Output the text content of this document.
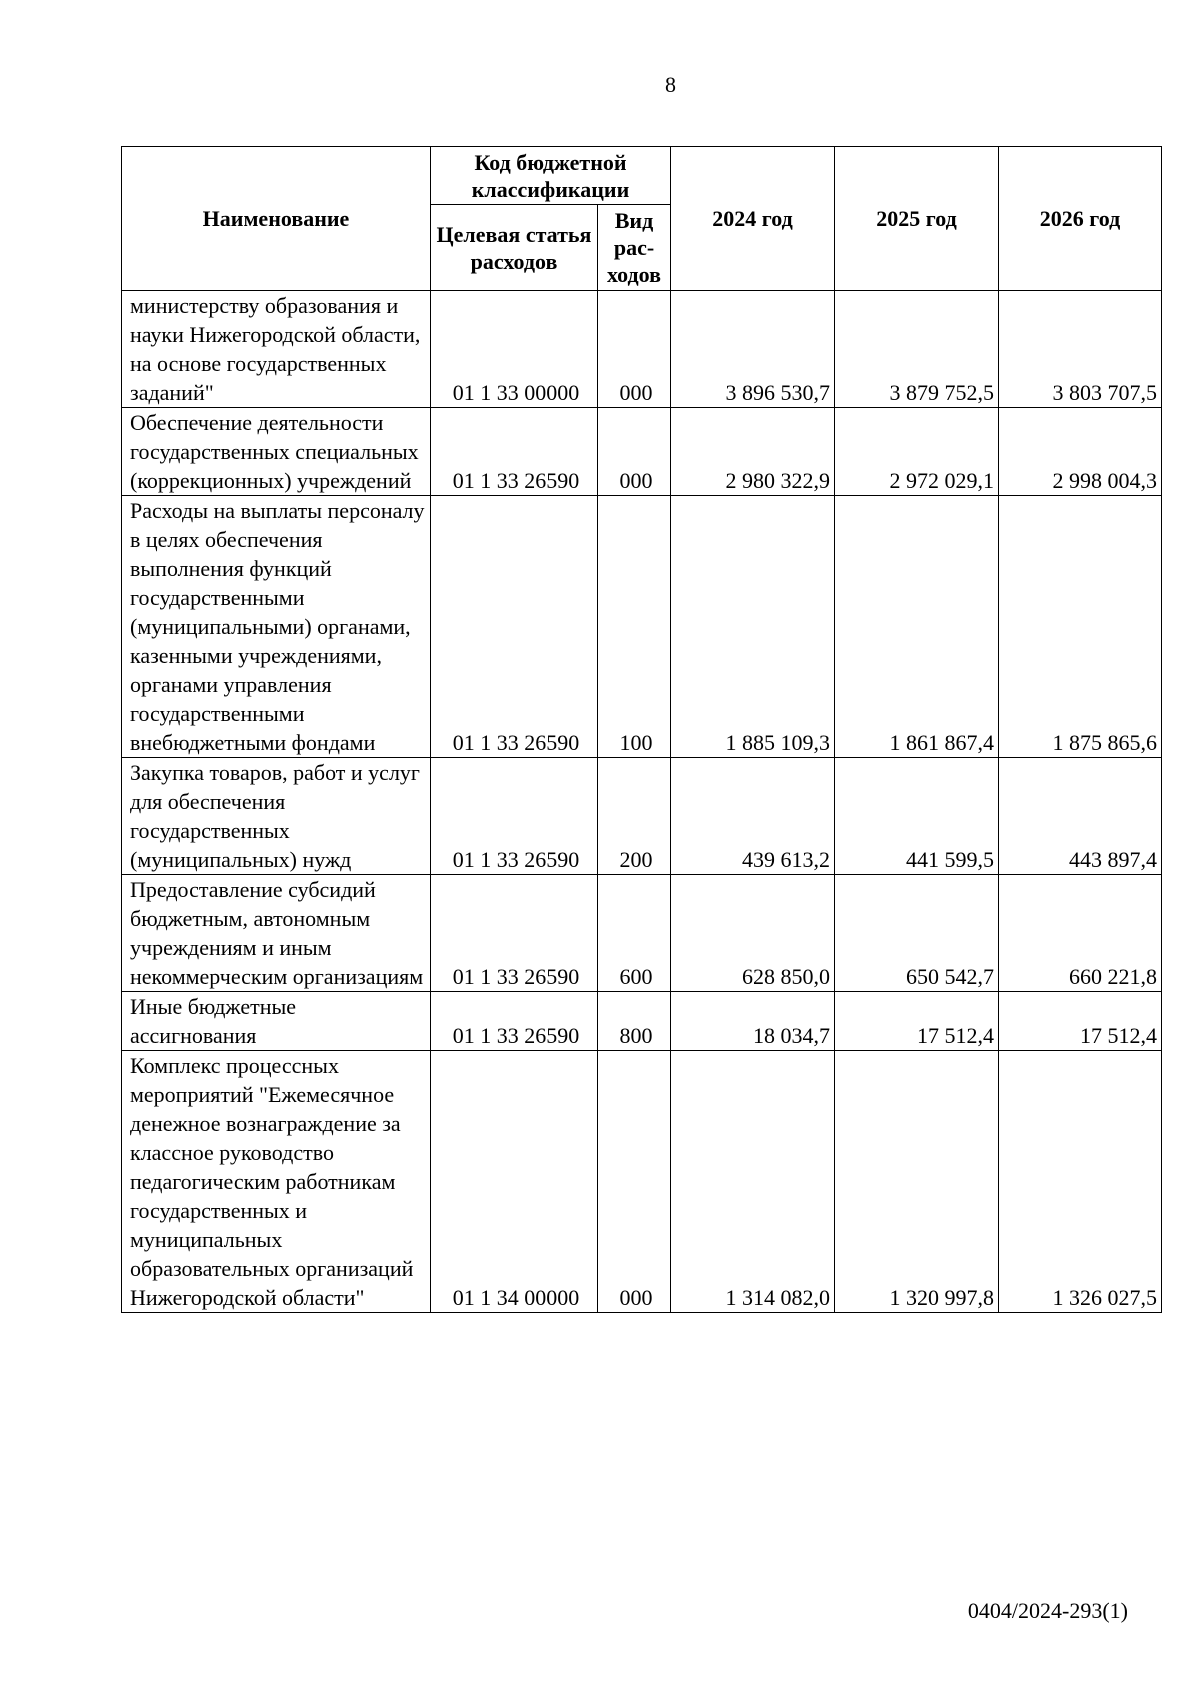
8
Наименование	Код бюджетной классификации		2024 год	2025 год	2026 год
	Целевая статья расходов	Вид рас-ходов			
министерству образования и науки Нижегородской области, на основе государственных заданий"	01 1 33 00000	000	3 896 530,7	3 879 752,5	3 803 707,5
Обеспечение деятельности государственных специальных (коррекционных) учреждений	01 1 33 26590	000	2 980 322,9	2 972 029,1	2 998 004,3
Расходы на выплаты персоналу в целях обеспечения выполнения функций государственными (муниципальными) органами, казенными учреждениями, органами управления государственными внебюджетными фондами	01 1 33 26590	100	1 885 109,3	1 861 867,4	1 875 865,6
Закупка товаров, работ и услуг для обеспечения государственных (муниципальных) нужд	01 1 33 26590	200	439 613,2	441 599,5	443 897,4
Предоставление субсидий бюджетным, автономным учреждениям и иным некоммерческим организациям	01 1 33 26590	600	628 850,0	650 542,7	660 221,8
Иные бюджетные ассигнования	01 1 33 26590	800	18 034,7	17 512,4	17 512,4
Комплекс процессных мероприятий "Ежемесячное денежное вознаграждение за классное руководство педагогическим работникам государственных и муниципальных образовательных организаций Нижегородской области"	01 1 34 00000	000	1 314 082,0	1 320 997,8	1 326 027,5
0404/2024-293(1)
